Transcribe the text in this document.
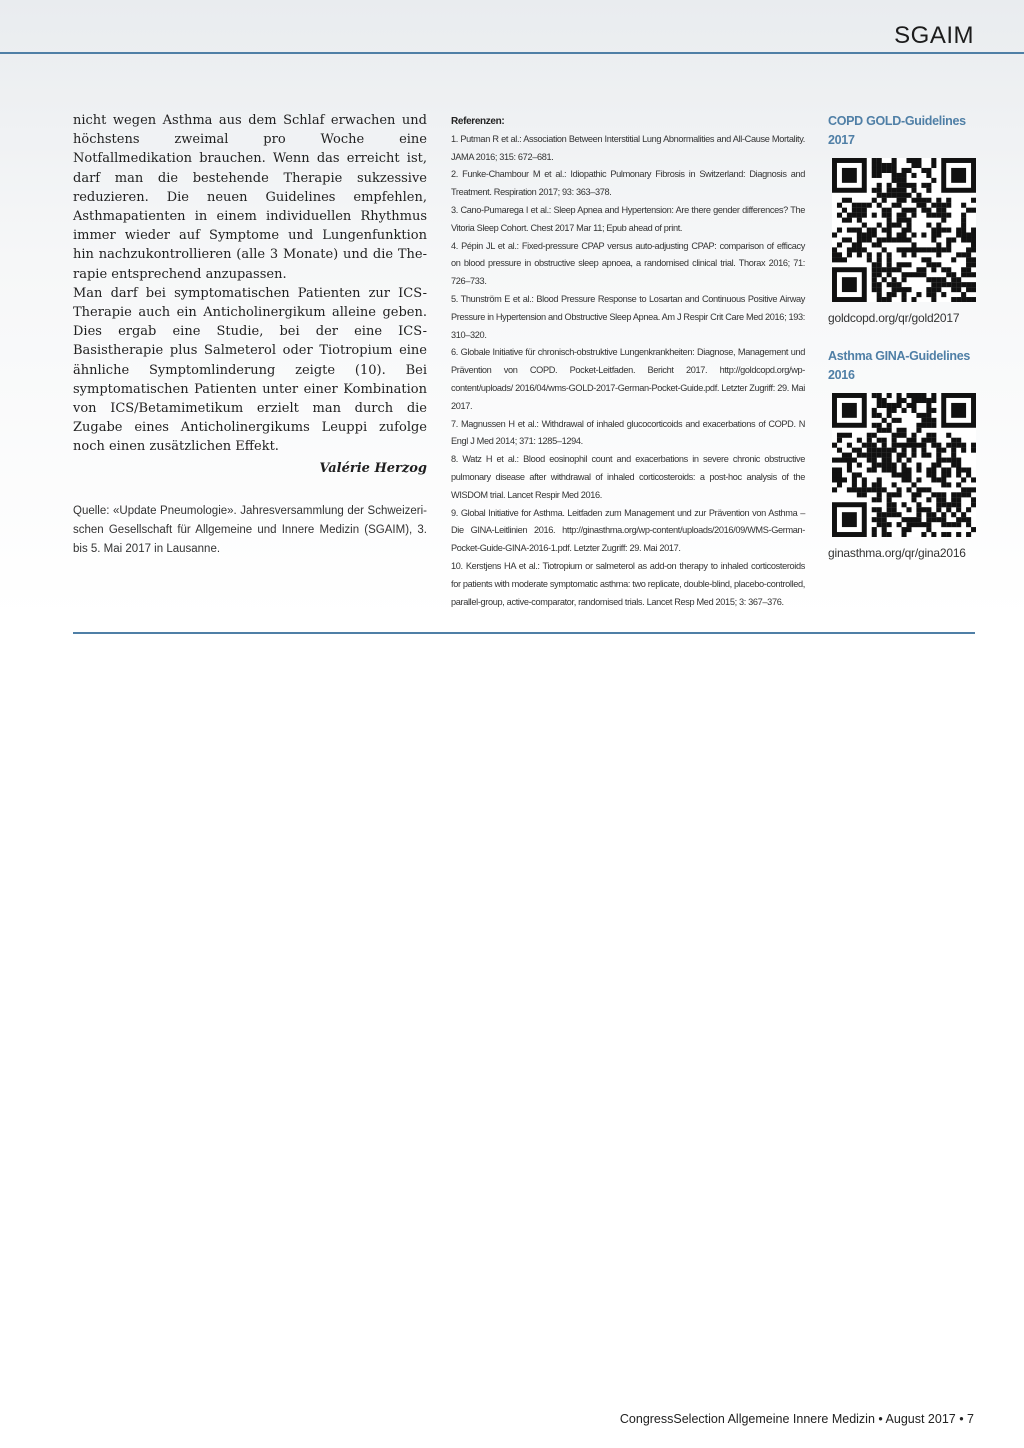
SGAIM

nicht wegen Asthma aus dem Schlaf erwachen und höchstens zweimal pro Woche eine Notfallmedikation brauchen. Wenn das erreicht ist, darf man die bestehende Therapie sukzessive reduzieren. Die neuen Guidelines empfehlen, Asthmapatienten in einem individuellen Rhythmus immer wieder auf Symptome und Lungenfunktion hin nachzukontrollieren (alle 3 Monate) und die Therapie entsprechend anzupassen.

Man darf bei symptomatischen Patienten zur ICS-Therapie auch ein Anticholinergikum alleine geben. Dies ergab eine Studie, bei der eine ICS-Basistherapie plus Salmeterol oder Tiotropium eine ähnliche Symptomlinderung zeigte (10). Bei symptomatischen Patienten unter einer Kombination von ICS/Betamimetikum erzielt man durch die Zugabe eines Anticholinergikums Leuppi zufolge noch einen zusätzlichen Effekt.

Valérie Herzog

Quelle: «Update Pneumologie». Jahresversammlung der Schweizerischen Gesellschaft für Allgemeine und Innere Medizin (SGAIM), 3. bis 5. Mai 2017 in Lausanne.

Referenzen:
1. Putman R et al.: Association Between Interstitial Lung Abnormalities and All-Cause Mortality. JAMA 2016; 315: 672–681.
2. Funke-Chambour M et al.: Idiopathic Pulmonary Fibrosis in Switzerland: Diagnosis and Treatment. Respiration 2017; 93: 363–378.
3. Cano-Pumarega I et al.: Sleep Apnea and Hypertension: Are there gender differences? The Vitoria Sleep Cohort. Chest 2017 Mar 11; Epub ahead of print.
4. Pépin JL et al.: Fixed-pressure CPAP versus auto-adjusting CPAP: comparison of efficacy on blood pressure in obstructive sleep apnoea, a randomised clinical trial. Thorax 2016; 71: 726–733.
5. Thunström E et al.: Blood Pressure Response to Losartan and Continuous Positive Airway Pressure in Hypertension and Obstructive Sleep Apnea. Am J Respir Crit Care Med 2016; 193: 310–320.
6. Globale Initiative für chronisch-obstruktive Lungenkrankheiten: Diagnose, Management und Prävention von COPD. Pocket-Leitfaden. Bericht 2017. http://goldcopd.org/wp-content/uploads/ 2016/04/wms-GOLD-2017-German-Pocket-Guide.pdf. Letzter Zugriff: 29. Mai 2017.
7. Magnussen H et al.: Withdrawal of inhaled glucocorticoids and exacerbations of COPD. N Engl J Med 2014; 371: 1285–1294.
8. Watz H et al.: Blood eosinophil count and exacerbations in severe chronic obstructive pulmonary disease after withdrawal of inhaled corticosteroids: a post-hoc analysis of the WISDOM trial. Lancet Respir Med 2016.
9. Global Initiative for Asthma. Leitfaden zum Management und zur Prävention von Asthma – Die GINA-Leitlinien 2016. http://ginasthma.org/wp-content/uploads/2016/09/WMS-German-Pocket-Guide-GINA-2016-1.pdf. Letzter Zugriff: 29. Mai 2017.
10. Kerstjens HA et al.: Tiotropium or salmeterol as add-on therapy to inhaled corticosteroids for patients with moderate symptomatic asthma: two replicate, double-blind, placebo-controlled, parallel-group, active-comparator, randomised trials. Lancet Resp Med 2015; 3: 367–376.
COPD GOLD-Guidelines 2017
goldcopd.org/qr/gold2017
Asthma GINA-Guidelines 2016
ginasthma.org/qr/gina2016
CongressSelection Allgemeine Innere Medizin • August 2017 • 7
